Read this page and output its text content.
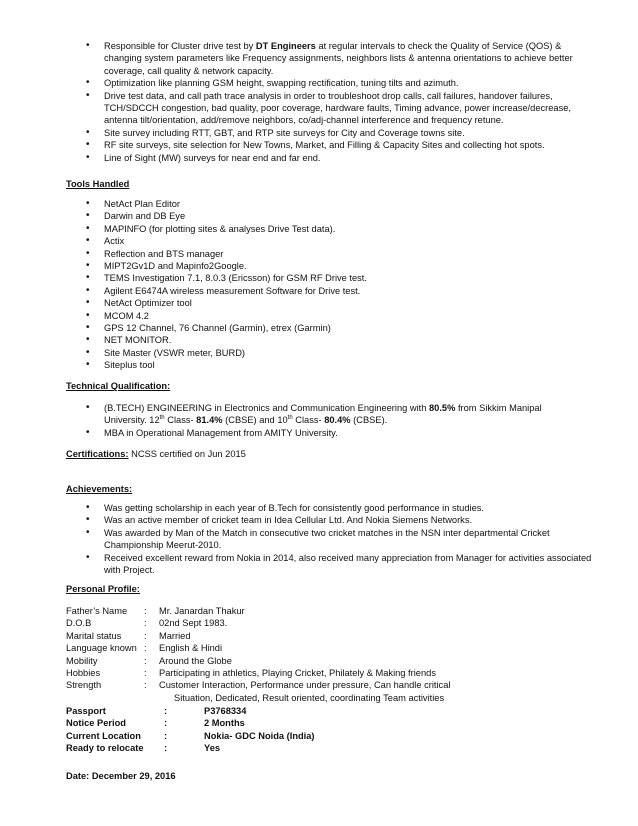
• Responsible for Cluster drive test by DT Engineers at regular intervals to check the Quality of Service (QOS) & changing system parameters like Frequency assignments, neighbors lists & antenna orientations to achieve better coverage, call quality & network capacity.
• Optimization like planning GSM height, swapping rectification, tuning tilts and azimuth.
• Drive test data, and call path trace analysis in order to troubleshoot drop calls, call failures, handover failures, TCH/SDCCH congestion, bad quality, poor coverage, hardware faults, Timing advance, power increase/decrease, antenna tilt/orientation, add/remove neighbors, co/adj-channel interference and frequency retune.
• Site survey including RTT, GBT, and RTP site surveys for City and Coverage towns site.
• RF site surveys, site selection for New Towns, Market, and Filling & Capacity Sites and collecting hot spots.
• Line of Sight (MW) surveys for near end and far end.
Tools Handled
• NetAct Plan Editor
• Darwin and DB Eye
• MAPINFO (for plotting sites & analyses Drive Test data).
• Actix
• Reflection and BTS manager
• MIPT2Gv1D and Mapinfo2Google.
• TEMS Investigation 7.1, 8.0.3 (Ericsson) for GSM RF Drive test.
• Agilent E6474A wireless measurement Software for Drive test.
• NetAct Optimizer tool
• MCOM 4.2
• GPS 12 Channel, 76 Channel (Garmin), etrex (Garmin)
• NET MONITOR.
• Site Master (VSWR meter, BURD)
• Siteplus tool
Technical Qualification:
• (B.TECH) ENGINEERING in Electronics and Communication Engineering with 80.5% from Sikkim Manipal
University. 12th Class- 81.4% (CBSE) and 10th Class- 80.4% (CBSE).
• MBA in Operational Management from AMITY University.
Certifications: NCSS certified on Jun 2015
Achievements:
• Was getting scholarship in each year of B.Tech for consistently good performance in studies.
• Was an active member of cricket team in Idea Cellular Ltd. And Nokia Siemens Networks.
• Was awarded by Man of the Match in consecutive two cricket matches in the NSN inter departmental Cricket Championship Meerut-2010.
• Received excellent reward from Nokia in 2014, also received many appreciation from Manager for activities associated with Project.
Personal Profile:
Father’s Name	:	Mr. Janardan Thakur
D.O.B	:	02nd Sept 1983.
Marital status	:	Married
Language known :	English & Hindi
Mobility	:	Around the Globe
Hobbies	:	Participating in athletics, Playing Cricket, Philately & Making friends
Strength	:	Customer Interaction, Performance under pressure, Can handle critical
Situation, Dedicated, Result oriented, coordinating Team activities
Passport	:	P3768334
Notice Period	:	2 Months
Current Location	:	Nokia- GDC Noida (India)
Ready to relocate	:	Yes
Date: December 29, 2016
